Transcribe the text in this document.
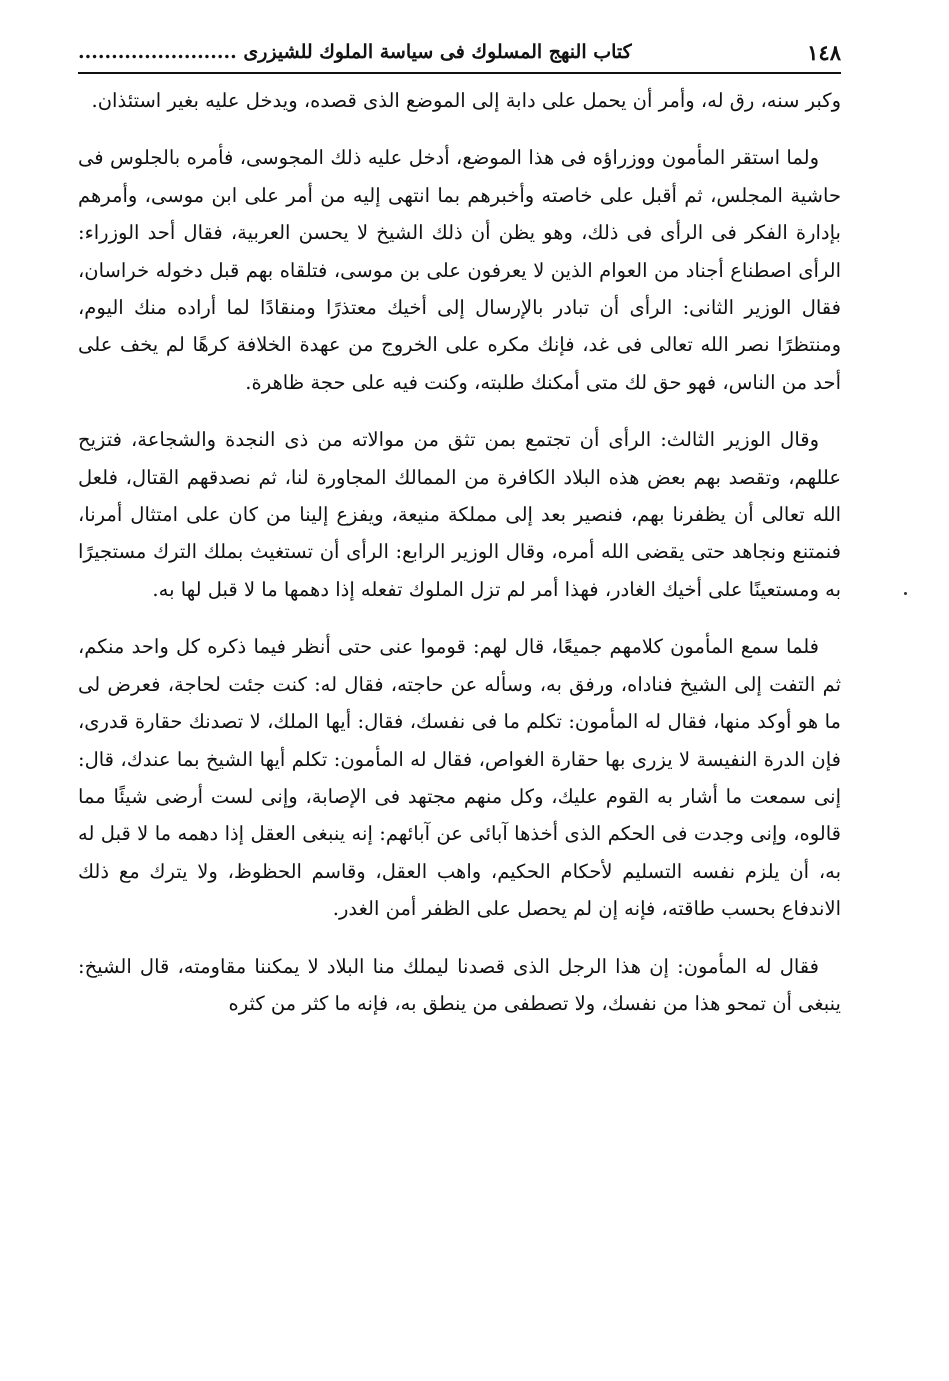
١٤٨
كتاب النهج المسلوك فى سياسة الملوك للشيزرى ........................

وكبر سنه، رق له، وأمر أن يحمل على دابة إلى الموضع الذى قصده، ويدخل عليه بغير استئذان.

ولما استقر المأمون ووزراؤه فى هذا الموضع، أدخل عليه ذلك المجوسى، فأمره بالجلوس فى حاشية المجلس، ثم أقبل على خاصته وأخبرهم بما انتهى إليه من أمر على ابن موسى، وأمرهم بإدارة الفكر فى الرأى فى ذلك، وهو يظن أن ذلك الشيخ لا يحسن العربية، فقال أحد الوزراء: الرأى اصطناع أجناد من العوام الذين لا يعرفون على بن موسى، فتلقاه بهم قبل دخوله خراسان، فقال الوزير الثانى: الرأى أن تبادر بالإرسال إلى أخيك معتذرًا ومنقادًا لما أراده منك اليوم، ومنتظرًا نصر الله تعالى فى غد، فإنك مكره على الخروج من عهدة الخلافة كرهًا لم يخف على أحد من الناس، فهو حق لك متى أمكنك طلبته، وكنت فيه على حجة ظاهرة.

وقال الوزير الثالث: الرأى أن تجتمع بمن تثق من موالاته من ذى النجدة والشجاعة، فتزيح عللهم، وتقصد بهم بعض هذه البلاد الكافرة من الممالك المجاورة لنا، ثم نصدقهم القتال، فلعل الله تعالى أن يظفرنا بهم، فنصير بعد إلى مملكة منيعة، ويفزع إلينا من كان على امتثال أمرنا، فنمتنع ونجاهد حتى يقضى الله أمره، وقال الوزير الرابع: الرأى أن تستغيث بملك الترك مستجيرًا به ومستعينًا على أخيك الغادر، فهذا أمر لم تزل الملوك تفعله إذا دهمها ما لا قبل لها به.

فلما سمع المأمون كلامهم جميعًا، قال لهم: قوموا عنى حتى أنظر فيما ذكره كل واحد منكم، ثم التفت إلى الشيخ فناداه، ورفق به، وسأله عن حاجته، فقال له: كنت جئت لحاجة، فعرض لى ما هو أوكد منها، فقال له المأمون: تكلم ما فى نفسك، فقال: أيها الملك، لا تصدنك حقارة قدرى، فإن الدرة النفيسة لا يزرى بها حقارة الغواص، فقال له المأمون: تكلم أيها الشيخ بما عندك، قال: إنى سمعت ما أشار به القوم عليك، وكل منهم مجتهد فى الإصابة، وإنى لست أرضى شيئًا مما قالوه، وإنى وجدت فى الحكم الذى أخذها آبائى عن آبائهم: إنه ينبغى العقل إذا دهمه ما لا قبل له به، أن يلزم نفسه التسليم لأحكام الحكيم، واهب العقل، وقاسم الحظوظ، ولا يترك مع ذلك الاندفاع بحسب طاقته، فإنه إن لم يحصل على الظفر أمن الغدر.

فقال له المأمون: إن هذا الرجل الذى قصدنا ليملك منا البلاد لا يمكننا مقاومته، قال الشيخ: ينبغى أن تمحو هذا من نفسك، ولا تصطفى من ينطق به، فإنه ما كثر من كثره
